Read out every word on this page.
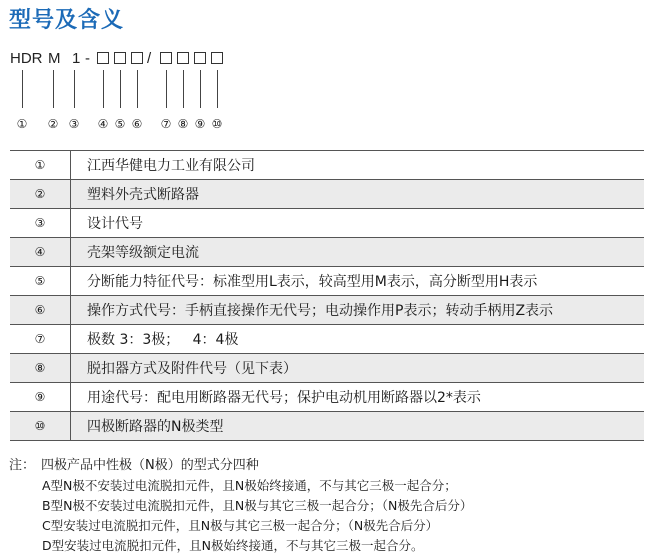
型号及含义
HDR M 1 -	/
① ② ③ ④ ⑤ ⑥ ⑦ ⑧ ⑨ ⑩
①	江西华健电力工业有限公司
②	塑料外壳式断路器
③	设计代号
④	壳架等级额定电流
⑤	分断能力特征代号：标准型用L表示，较高型用M表示，高分断型用H表示
⑥	操作方式代号：手柄直接操作无代号；电动操作用P表示；转动手柄用Z表示
⑦	极数 3：3极；   4：4极
⑧	脱扣器方式及附件代号（见下表）
⑨	用途代号：配电用断路器无代号；保护电动机用断路器以2*表示
⑩	四极断路器的N极类型
注： 四极产品中性极（N极）的型式分四种
A型N极不安装过电流脱扣元件，且N极始终接通，不与其它三极一起合分；
B型N极不安装过电流脱扣元件，且N极与其它三极一起合分；（N极先合后分）
C型安装过电流脱扣元件，且N极与其它三极一起合分；（N极先合后分）
D型安装过电流脱扣元件，且N极始终接通，不与其它三极一起合分。
